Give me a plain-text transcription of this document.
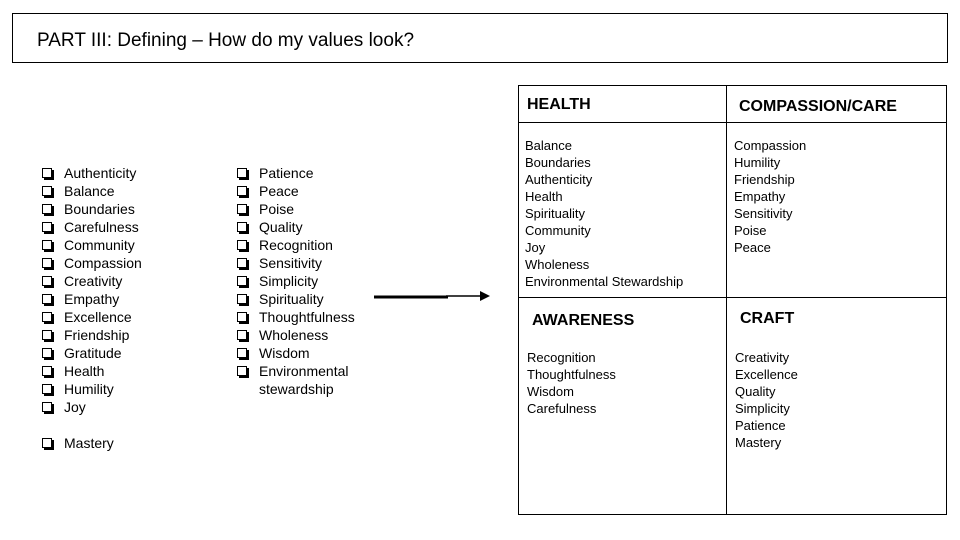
PART III: Defining – How do my values look?
Authenticity
Balance
Boundaries
Carefulness
Community
Compassion
Creativity
Empathy
Excellence
Friendship
Gratitude
Health
Humility
Joy
Mastery
Patience
Peace
Poise
Quality
Recognition
Sensitivity
Simplicity
Spirituality
Thoughtfulness
Wholeness
Wisdom
Environmental stewardship
HEALTH
Balance
Boundaries
Authenticity
Health
Spirituality
Community
Joy
Wholeness
Environmental Stewardship
COMPASSION/CARE
Compassion
Humility
Friendship
Empathy
Sensitivity
Poise
Peace
AWARENESS
Recognition
Thoughtfulness
Wisdom
Carefulness
CRAFT
Creativity
Excellence
Quality
Simplicity
Patience
Mastery
